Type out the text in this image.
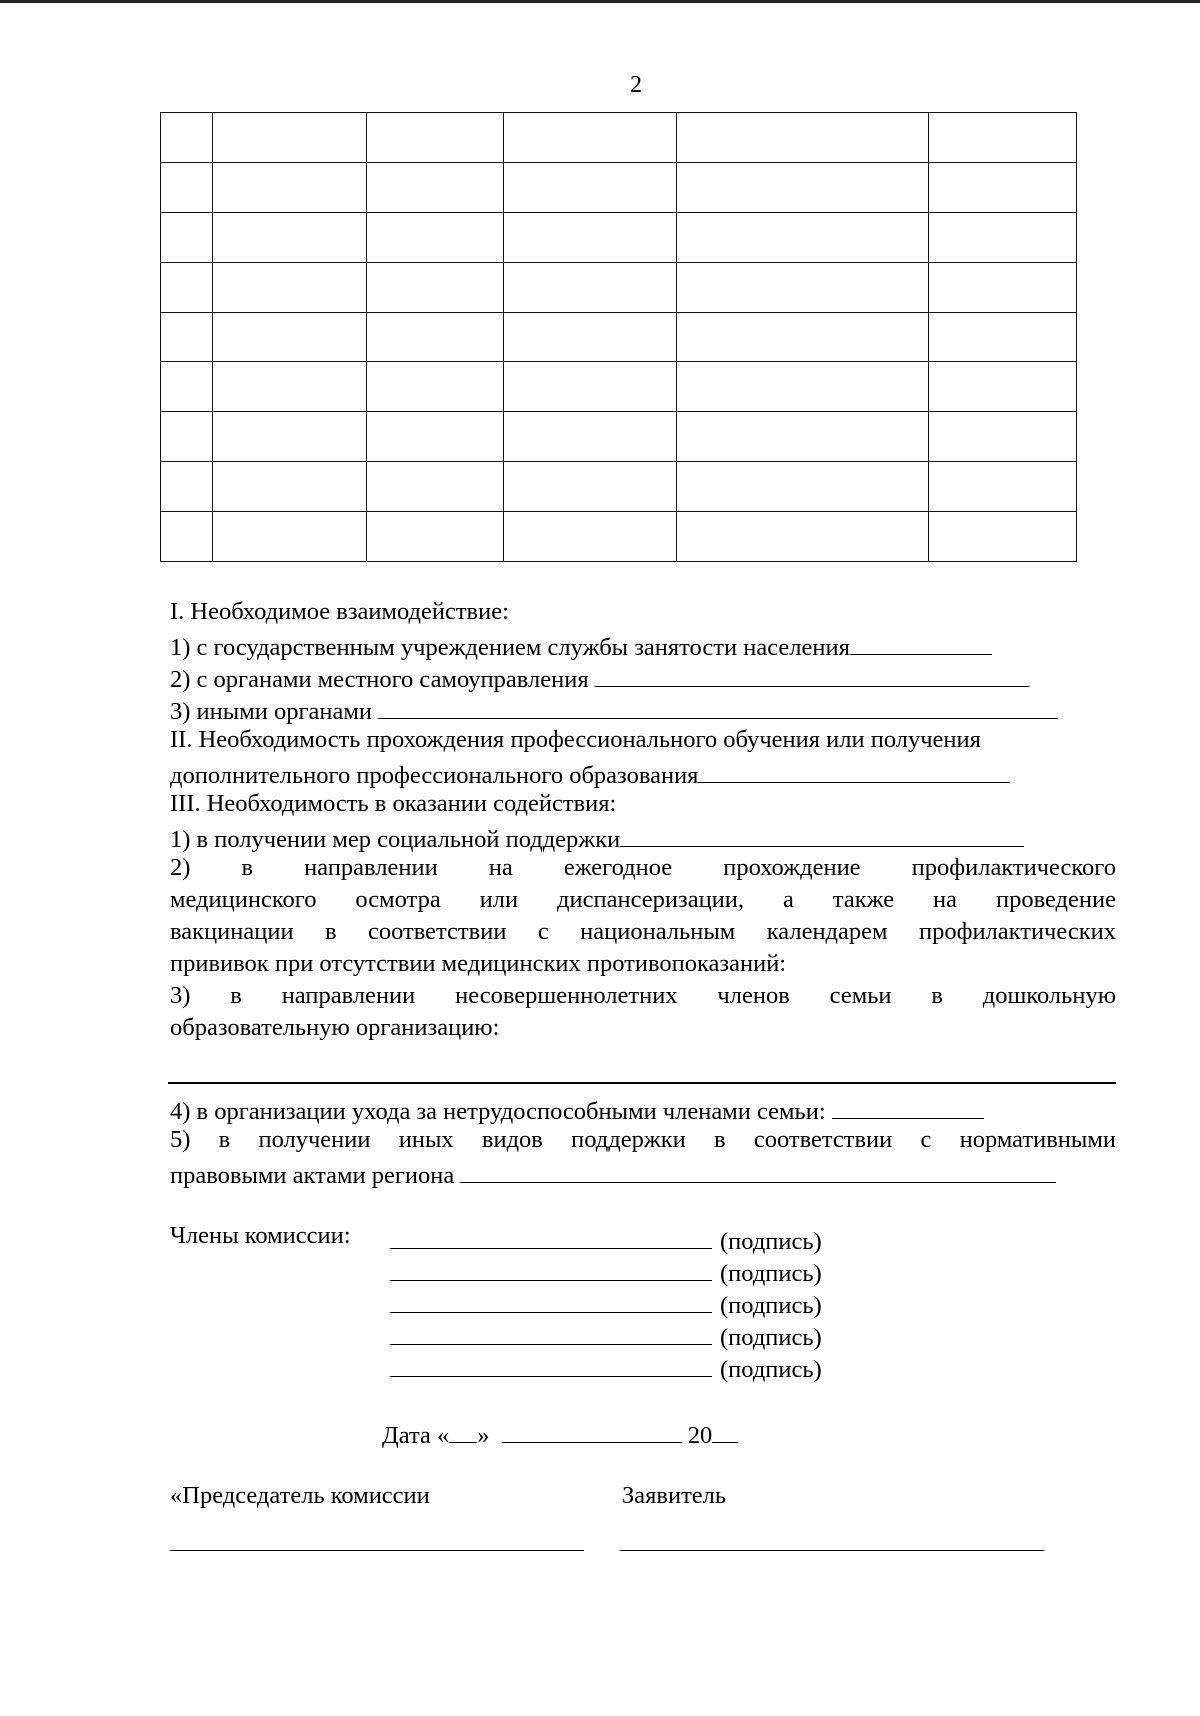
2

I. Необходимое взаимодействие:
1) с государственным учреждением службы занятости населения
2) с органами местного самоуправления
3) иными органами
II. Необходимость прохождения профессионального обучения или получения
дополнительного профессионального образования
III. Необходимость в оказании содействия:
1) в получении мер социальной поддержки
2) в направлении на ежегодное прохождение профилактического
медицинского осмотра или диспансеризации, а также на проведение
вакцинации в соответствии с национальным календарем профилактических
прививок при отсутствии медицинских противопоказаний:
3) в направлении несовершеннолетних членов семьи в дошкольную
образовательную организацию:
4) в организации ухода за нетрудоспособными членами семьи:
5) в получении иных видов поддержки в соответствии с нормативными
правовыми актами региона
Члены комиссии:	(подпись)
(подпись)
(подпись)
(подпись)
(подпись)
Дата « »	20
«Председатель комиссии	Заявитель
